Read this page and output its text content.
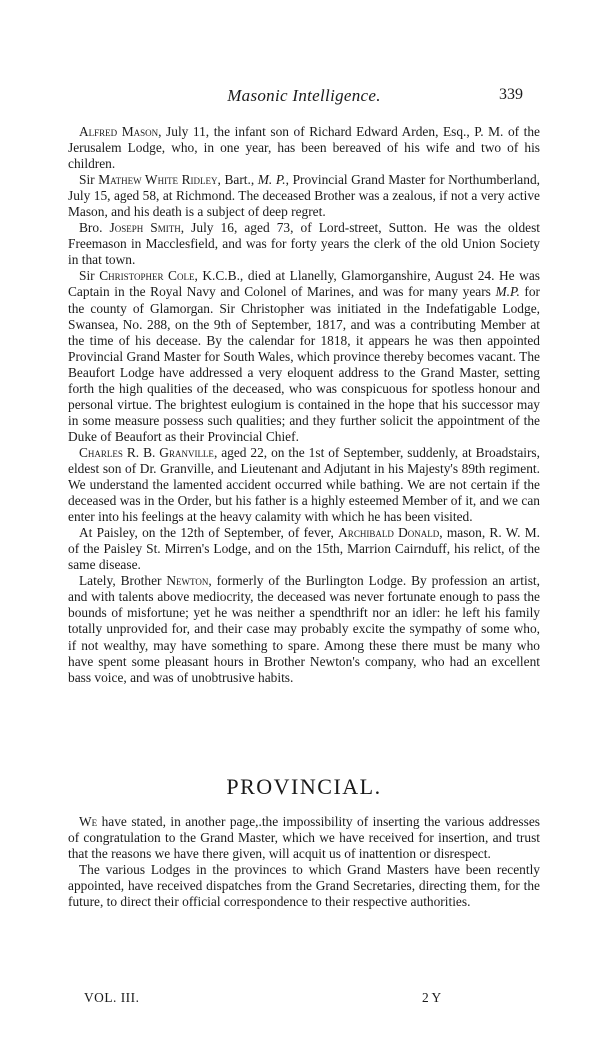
Masonic Intelligence.	339

Alfred Mason, July 11, the infant son of Richard Edward Arden, Esq., P. M. of the Jerusalem Lodge, who, in one year, has been bereaved of his wife and two of his children.

Sir Mathew White Ridley, Bart., M. P., Provincial Grand Master for Northumberland, July 15, aged 58, at Richmond. The deceased Brother was a zealous, if not a very active Mason, and his death is a subject of deep regret.

Bro. Joseph Smith, July 16, aged 73, of Lord-street, Sutton. He was the oldest Freemason in Macclesfield, and was for forty years the clerk of the old Union Society in that town.

Sir Christopher Cole, K.C.B., died at Llanelly, Glamorganshire, August 24. He was Captain in the Royal Navy and Colonel of Marines, and was for many years M.P. for the county of Glamorgan. Sir Christopher was initiated in the Indefatigable Lodge, Swansea, No. 288, on the 9th of September, 1817, and was a contributing Member at the time of his decease. By the calendar for 1818, it appears he was then appointed Provincial Grand Master for South Wales, which province thereby becomes vacant. The Beaufort Lodge have addressed a very eloquent address to the Grand Master, setting forth the high qualities of the deceased, who was conspicuous for spotless honour and personal virtue. The brightest eulogium is contained in the hope that his successor may in some measure possess such qualities; and they further solicit the appointment of the Duke of Beaufort as their Provincial Chief.

Charles R. B. Granville, aged 22, on the 1st of September, suddenly, at Broadstairs, eldest son of Dr. Granville, and Lieutenant and Adjutant in his Majesty's 89th regiment. We understand the lamented accident occurred while bathing. We are not certain if the deceased was in the Order, but his father is a highly esteemed Member of it, and we can enter into his feelings at the heavy calamity with which he has been visited.

At Paisley, on the 12th of September, of fever, Archibald Donald, mason, R. W. M. of the Paisley St. Mirren's Lodge, and on the 15th, Marrion Cairnduff, his relict, of the same disease.

Lately, Brother Newton, formerly of the Burlington Lodge. By profession an artist, and with talents above mediocrity, the deceased was never fortunate enough to pass the bounds of misfortune; yet he was neither a spendthrift nor an idler: he left his family totally unprovided for, and their case may probably excite the sympathy of some who, if not wealthy, may have something to spare. Among these there must be many who have spent some pleasant hours in Brother Newton's company, who had an excellent bass voice, and was of unobtrusive habits.

PROVINCIAL.

We have stated, in another page,.the impossibility of inserting the various addresses of congratulation to the Grand Master, which we have received for insertion, and trust that the reasons we have there given, will acquit us of inattention or disrespect.

The various Lodges in the provinces to which Grand Masters have been recently appointed, have received dispatches from the Grand Secretaries, directing them, for the future, to direct their official correspondence to their respective authorities.

VOL. III.	2 Y
